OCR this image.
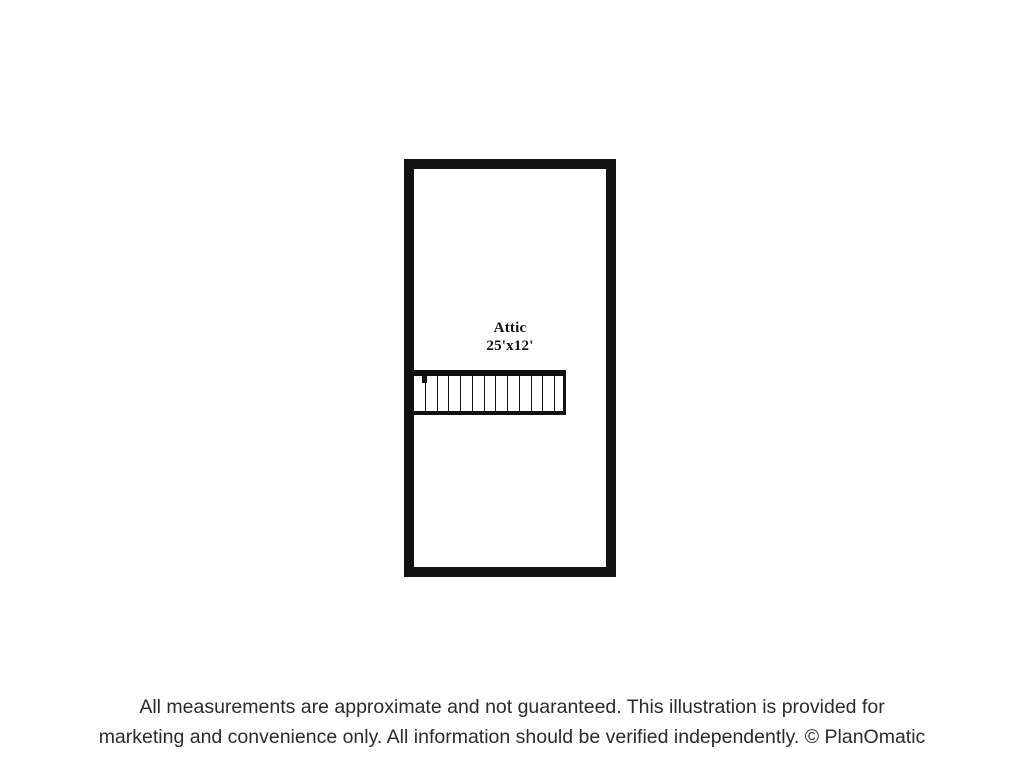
Attic
25'x12'
All measurements are approximate and not guaranteed. This illustration is provided for
marketing and convenience only. All information should be verified independently. © PlanOmatic
